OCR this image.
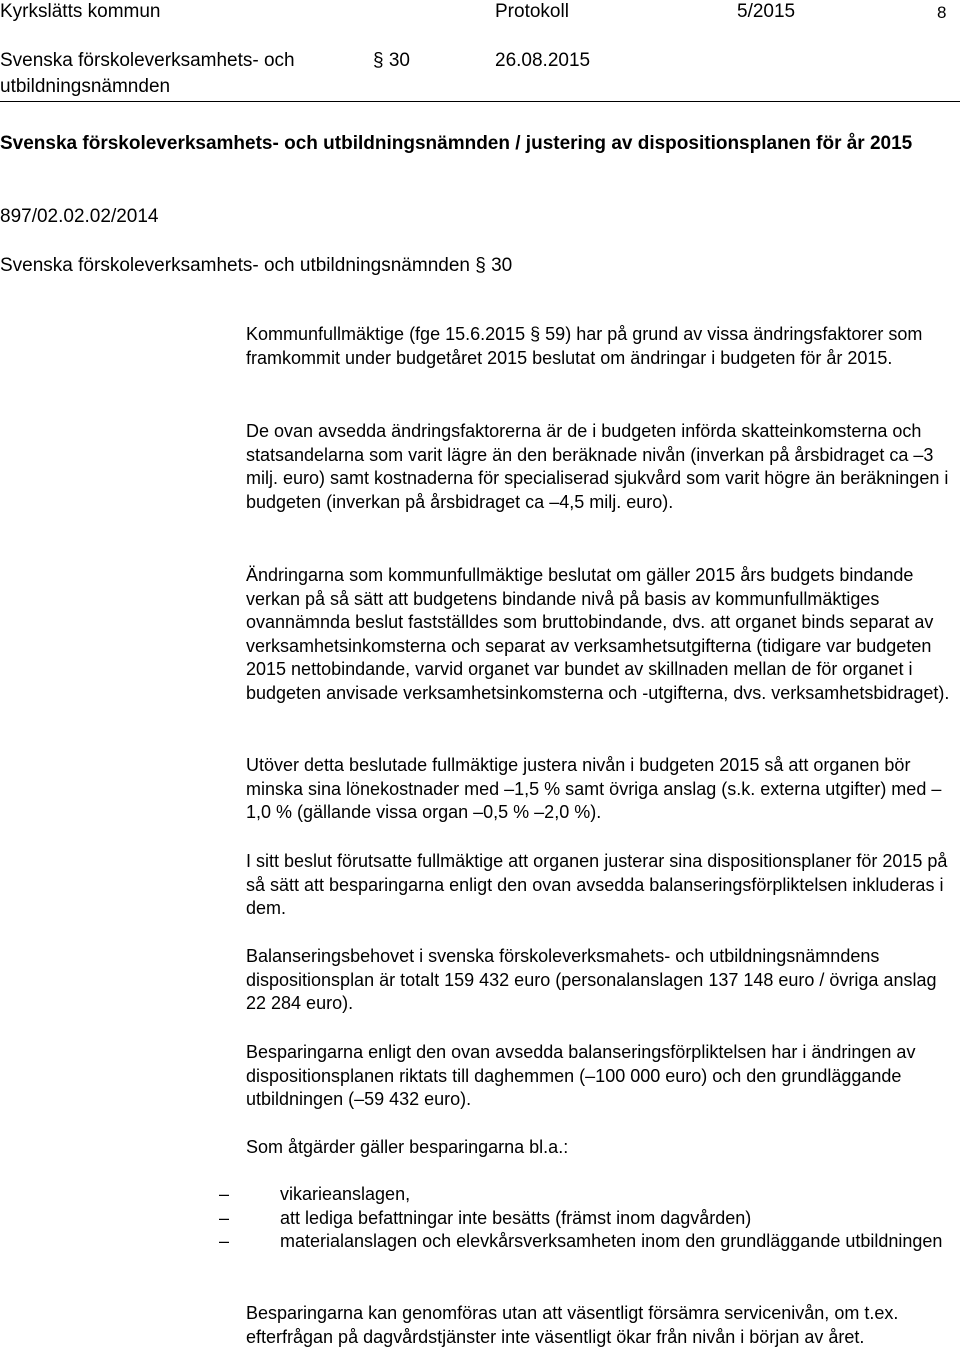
Kyrkslätts kommun	Protokoll	5/2015	8

Svenska förskoleverksamhets- och

utbildningsnämnden

§ 30	26.08.2015

Svenska förskoleverksamhets- och utbildningsnämnden / justering av dispositionsplanen för år 2015

897/02.02.02/2014

Svenska förskoleverksamhets- och utbildningsnämnden § 30

Kommunfullmäktige (fge 15.6.2015 § 59) har på grund av vissa ändringsfaktorer som framkommit under budgetåret 2015 beslutat om ändringar i budgeten för år 2015.

De ovan avsedda ändringsfaktorerna är de i budgeten införda skatteinkomsterna och statsandelarna som varit lägre än den beräknade nivån (inverkan på årsbidraget ca –3 milj. euro) samt kostnaderna för specialiserad sjukvård som varit högre än beräkningen i budgeten (inverkan på årsbidraget ca –4,5 milj. euro).

Ändringarna som kommunfullmäktige beslutat om gäller 2015 års budgets bindande verkan på så sätt att budgetens bindande nivå på basis av kommunfullmäktiges ovannämnda beslut fastställdes som bruttobindande, dvs. att organet binds separat av verksamhetsinkomsterna och separat av verksamhetsutgifterna (tidigare var budgeten 2015 nettobindande, varvid organet var bundet av skillnaden mellan de för organet i budgeten anvisade verksamhetsinkomsterna och -utgifterna, dvs. verksamhetsbidraget).

Utöver detta beslutade fullmäktige justera nivån i budgeten 2015 så att organen bör minska sina lönekostnader med –1,5 % samt övriga anslag (s.k. externa utgifter) med –1,0 % (gällande vissa organ –0,5 % –2,0 %).

I sitt beslut förutsatte fullmäktige att organen justerar sina dispositionsplaner för 2015 på så sätt att besparingarna enligt den ovan avsedda balanseringsförpliktelsen inkluderas i dem.

Balanseringsbehovet i svenska förskoleverksmahets- och utbildningsnämndens dispositionsplan är totalt 159 432 euro (personalanslagen 137 148 euro / övriga anslag 22 284 euro).

Besparingarna enligt den ovan avsedda balanseringsförpliktelsen har i ändringen av dispositionsplanen riktats till daghemmen (–100 000 euro) och den grundläggande utbildningen (–59 432 euro).

Som åtgärder gäller besparingarna bl.a.:

–	vikarieanslagen,
–	att lediga befattningar inte besätts (främst inom dagvården)
–	materialanslagen och elevkårsverksamheten inom den grundläggande utbildningen

Besparingarna kan genomföras utan att väsentligt försämra servicenivån, om t.ex. efterfrågan på dagvårdstjänster inte väsentligt ökar från nivån i början av året.
